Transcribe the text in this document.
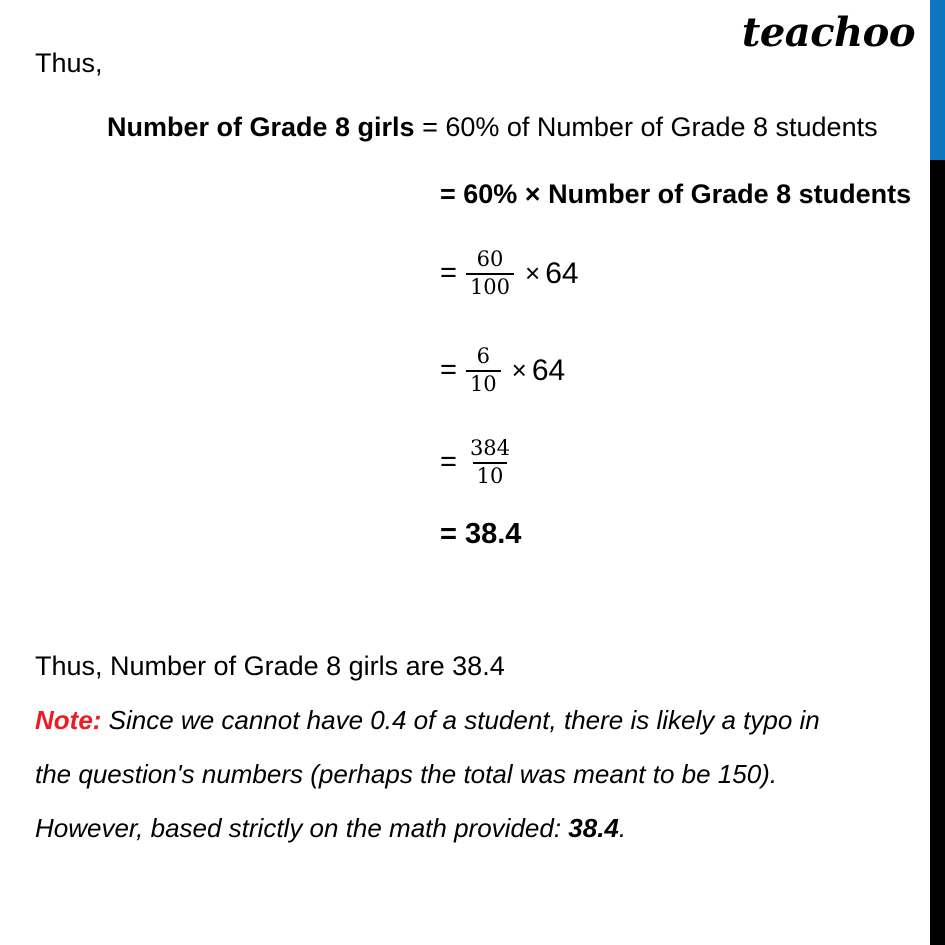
teachoo
Thus,
Number of Grade 8 girls = 60% of Number of Grade 8 students
= 60% × Number of Grade 8 students
= $\frac{60}{100} \times 64$
= $\frac{6}{10} \times 64$
= $\frac{384}{10}$
= 38.4
Thus, Number of Grade 8 girls are 38.4
Note: Since we cannot have 0.4 of a student, there is likely a typo in
the question's numbers (perhaps the total was meant to be 150).
However, based strictly on the math provided: 38.4.
